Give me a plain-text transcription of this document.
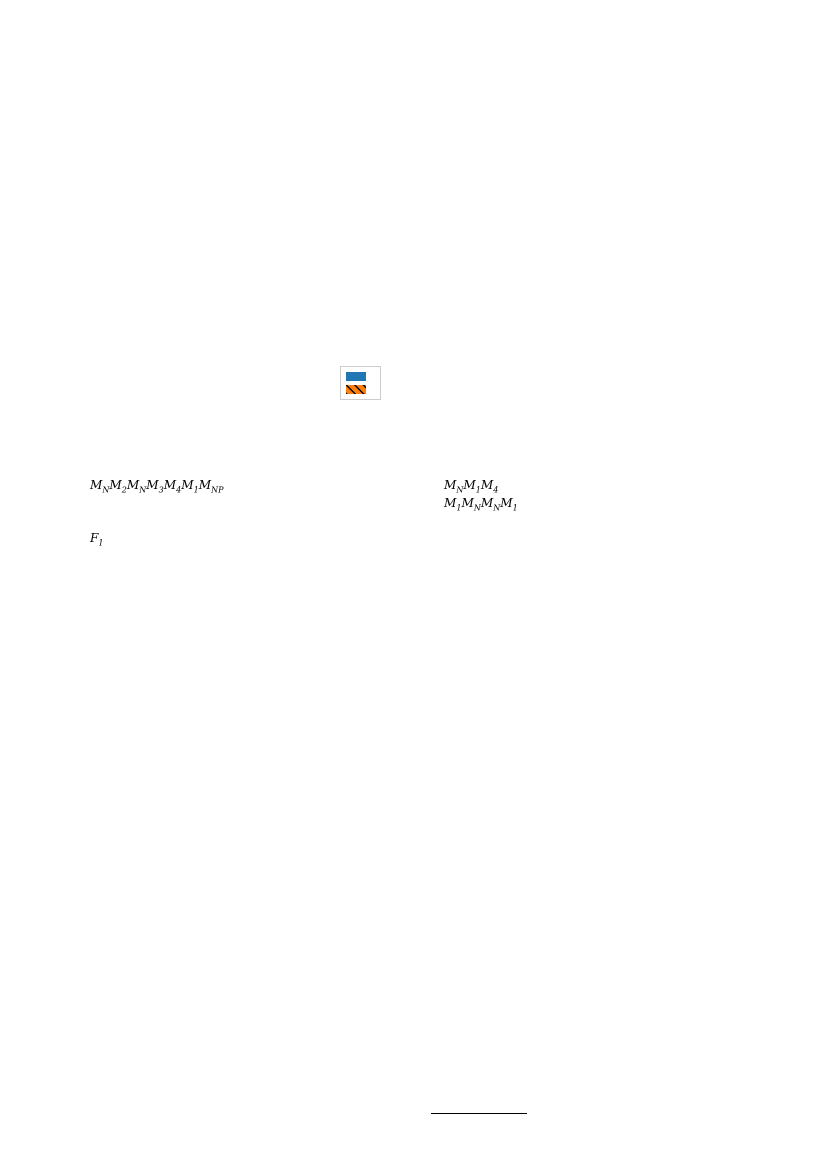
$M_NM_2M_NM_3M_4M_1M_{NP}$

$F_1$

$M_NM_1M_4$

$M_1M_NM_NM_1$
